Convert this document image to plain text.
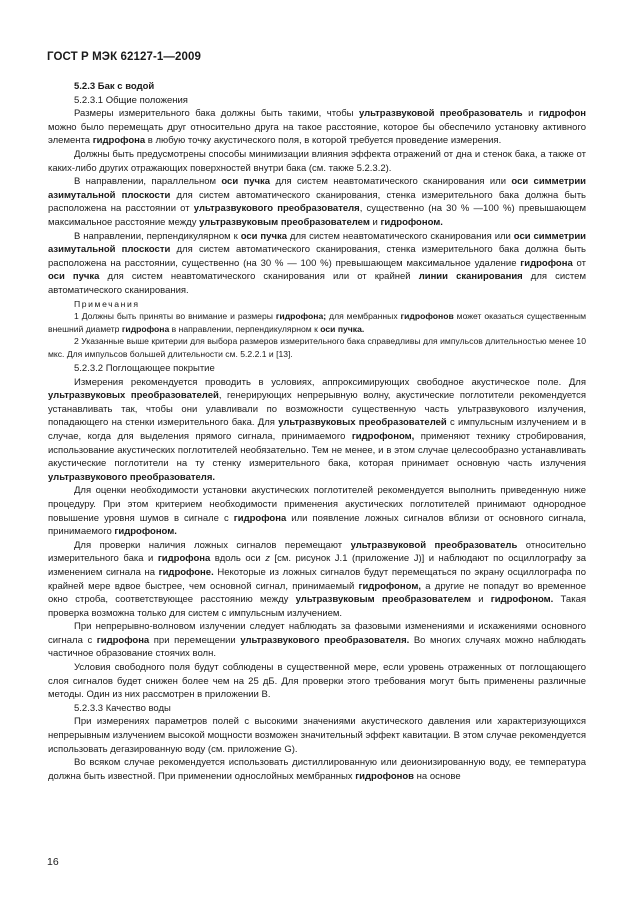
ГОСТ Р МЭК 62127-1—2009

5.2.3 Бак с водой

5.2.3.1 Общие положения

Размеры измерительного бака должны быть такими, чтобы ультразвуковой преобразователь и гидрофон можно было перемещать друг относительно друга на такое расстояние, которое бы обеспечило установку активного элемента гидрофона в любую точку акустического поля, в которой требуется проведение измерения.

Должны быть предусмотрены способы минимизации влияния эффекта отражений от дна и стенок бака, а также от каких-либо других отражающих поверхностей внутри бака (см. также 5.2.3.2).

В направлении, параллельном оси пучка для систем неавтоматического сканирования или оси симметрии азимутальной плоскости для систем автоматического сканирования, стенка измерительного бака должна быть расположена на расстоянии от ультразвукового преобразователя, существенно (на 30 % —100 %) превышающем максимальное расстояние между ультразвуковым преобразователем и гидрофоном.

В направлении, перпендикулярном к оси пучка для систем неавтоматического сканирования или оси симметрии азимутальной плоскости для систем автоматического сканирования, стенка измерительного бака должна быть расположена на расстоянии, существенно (на 30 % — 100 %) превышающем максимальное удаление гидрофона от оси пучка для систем неавтоматического сканирования или от крайней линии сканирования для систем автоматического сканирования.

Примечания

1 Должны быть приняты во внимание и размеры гидрофона; для мембранных гидрофонов может оказаться существенным внешний диаметр гидрофона в направлении, перпендикулярном к оси пучка.

2 Указанные выше критерии для выбора размеров измерительного бака справедливы для импульсов длительностью менее 10 мкс. Для импульсов большей длительности см. 5.2.2.1 и [13].

5.2.3.2 Поглощающее покрытие

Измерения рекомендуется проводить в условиях, аппроксимирующих свободное акустическое поле. Для ультразвуковых преобразователей, генерирующих непрерывную волну, акустические поглотители рекомендуется устанавливать так, чтобы они улавливали по возможности существенную часть ультразвукового излучения, попадающего на стенки измерительного бака. Для ультразвуковых преобразователей с импульсным излучением и в случае, когда для выделения прямого сигнала, принимаемого гидрофоном, применяют технику стробирования, использование акустических поглотителей необязательно. Тем не менее, и в этом случае целесообразно устанавливать акустические поглотители на ту стенку измерительного бака, которая принимает основную часть излучения ультразвукового преобразователя.

Для оценки необходимости установки акустических поглотителей рекомендуется выполнить приведенную ниже процедуру. При этом критерием необходимости применения акустических поглотителей принимают однородное повышение уровня шумов в сигнале с гидрофона или появление ложных сигналов вблизи от основного сигнала, принимаемого гидрофоном.

Для проверки наличия ложных сигналов перемещают ультразвуковой преобразователь относительно измерительного бака и гидрофона вдоль оси z [см. рисунок J.1 (приложение J)] и наблюдают по осциллографу за изменением сигнала на гидрофоне. Некоторые из ложных сигналов будут перемещаться по экрану осциллографа по крайней мере вдвое быстрее, чем основной сигнал, принимаемый гидрофоном, а другие не попадут во временное окно строба, соответствующее расстоянию между ультразвуковым преобразователем и гидрофоном. Такая проверка возможна только для систем с импульсным излучением.

При непрерывно-волновом излучении следует наблюдать за фазовыми изменениями и искажениями основного сигнала с гидрофона при перемещении ультразвукового преобразователя. Во многих случаях можно наблюдать частичное образование стоячих волн.

Условия свободного поля будут соблюдены в существенной мере, если уровень отраженных от поглощающего слоя сигналов будет снижен более чем на 25 дБ. Для проверки этого требования могут быть применены различные методы. Один из них рассмотрен в приложении В.

5.2.3.3 Качество воды

При измерениях параметров полей с высокими значениями акустического давления или характеризующихся непрерывным излучением высокой мощности возможен значительный эффект кавитации. В этом случае рекомендуется использовать дегазированную воду (см. приложение G).

Во всяком случае рекомендуется использовать дистиллированную или деионизированную воду, ее температура должна быть известной. При применении однослойных мембранных гидрофонов на основе

16
